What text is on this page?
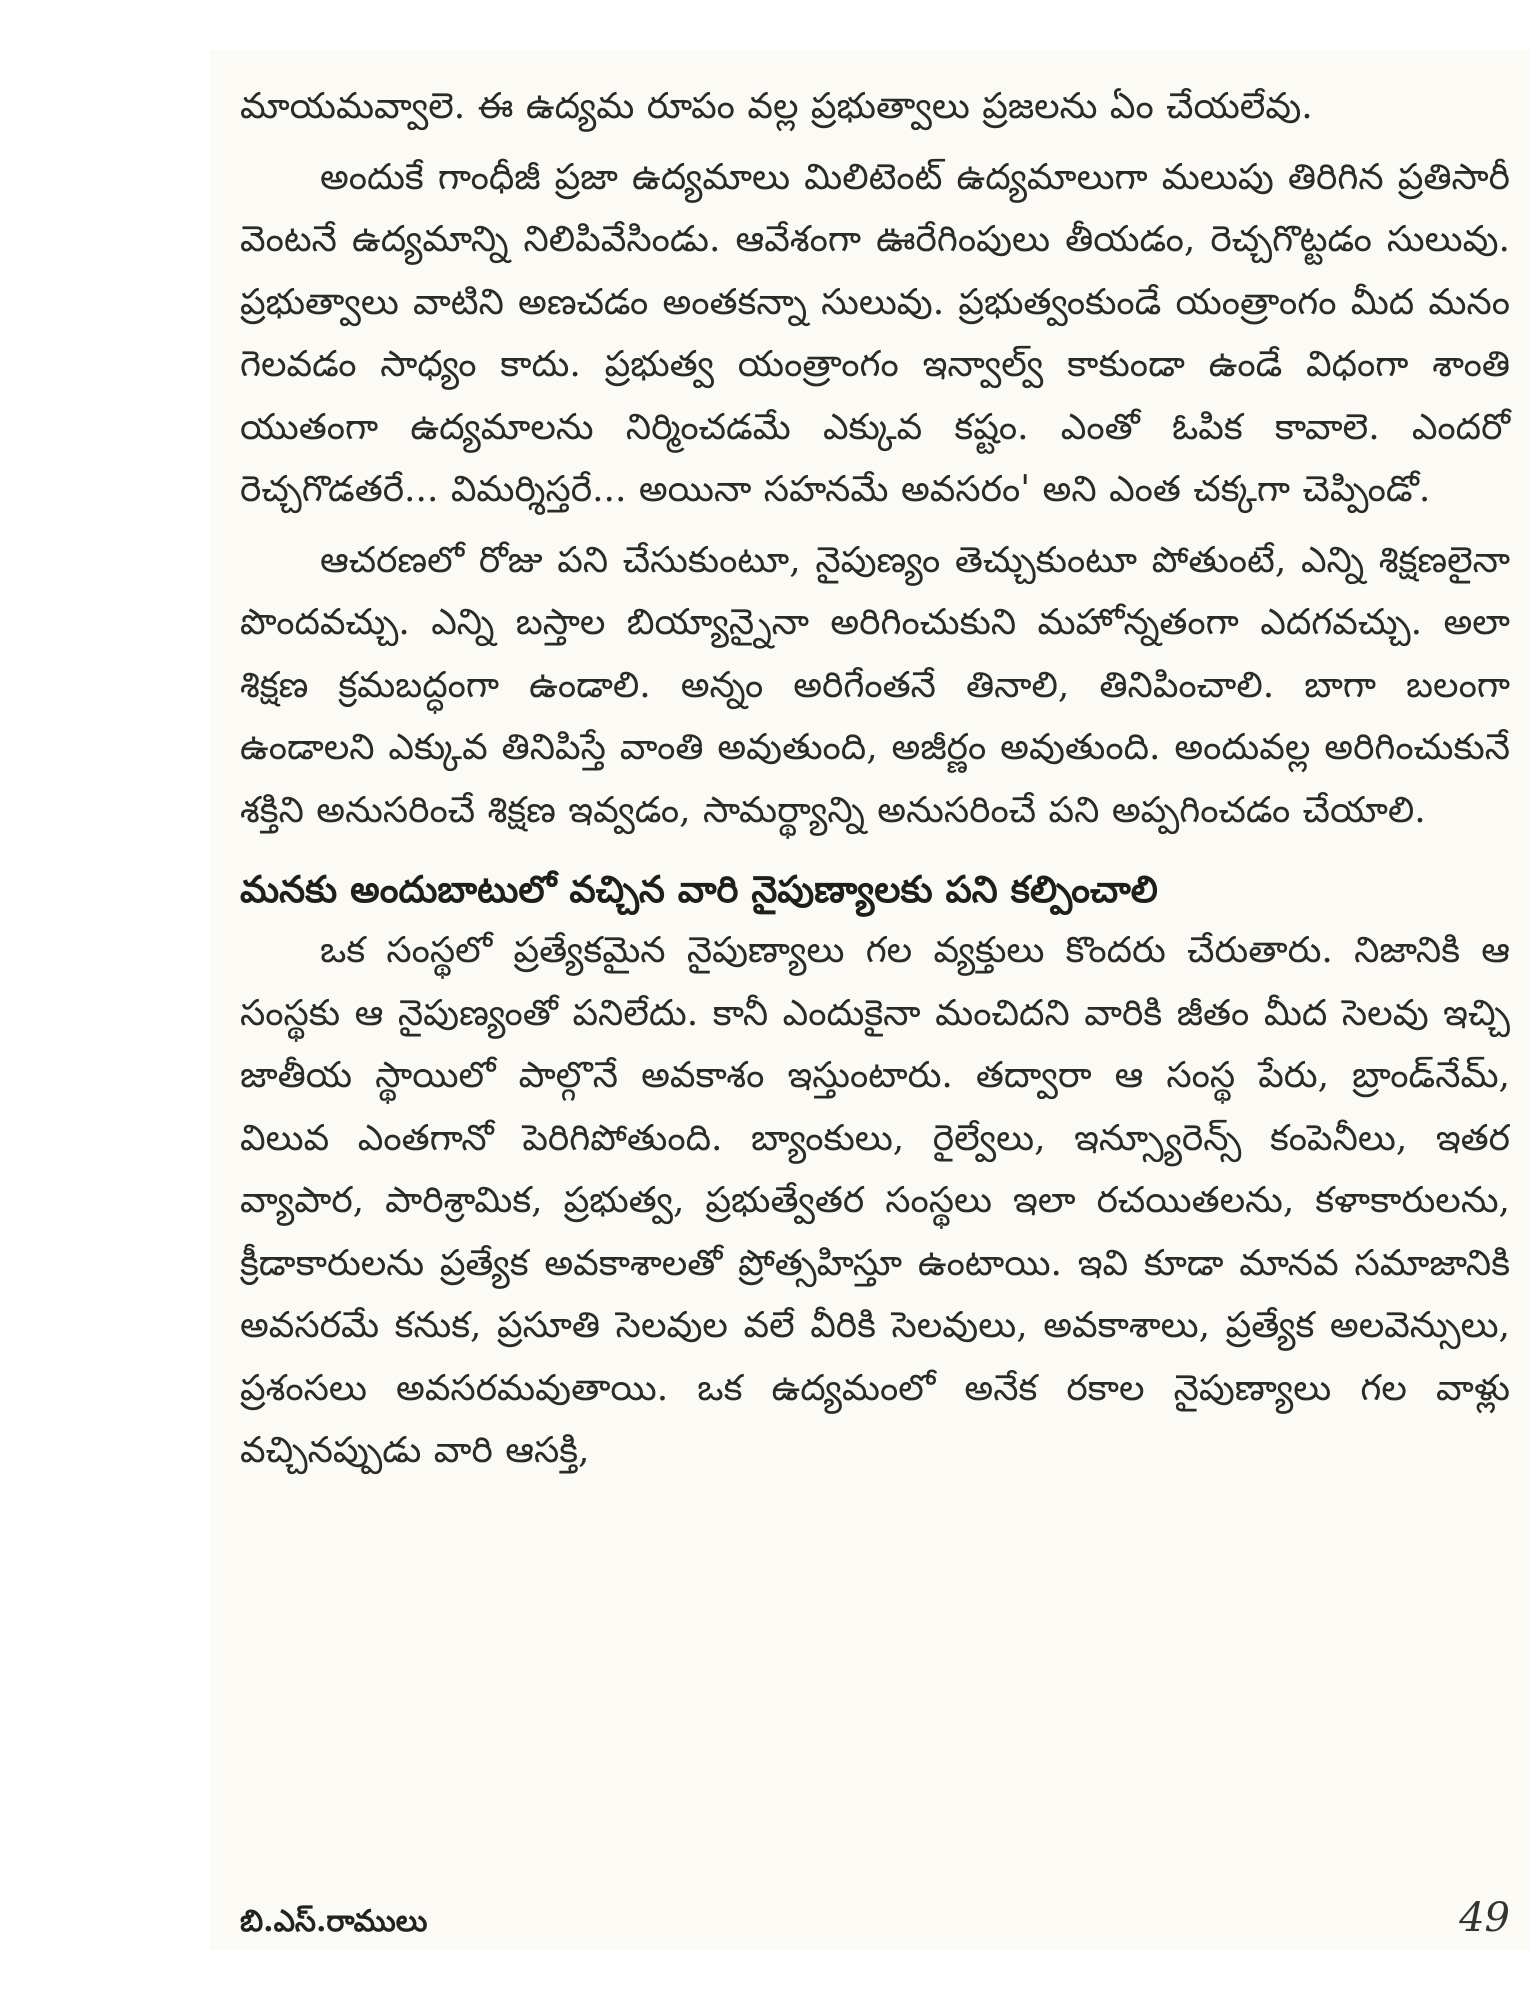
మాయమవ్వాలె. ఈ ఉద్యమ రూపం వల్ల ప్రభుత్వాలు ప్రజలను ఏం చేయలేవు.

అందుకే గాంధీజీ ప్రజా ఉద్యమాలు మిలిటెంట్ ఉద్యమాలుగా మలుపు తిరిగిన ప్రతిసారీ వెంటనే ఉద్యమాన్ని నిలిపివేసిండు. ఆవేశంగా ఊరేగింపులు తీయడం, రెచ్చగొట్టడం సులువు. ప్రభుత్వాలు వాటిని అణచడం అంతకన్నా సులువు. ప్రభుత్వంకుండే యంత్రాంగం మీద మనం గెలవడం సాధ్యం కాదు. ప్రభుత్వ యంత్రాంగం ఇన్వాల్వ్ కాకుండా ఉండే విధంగా శాంతి యుతంగా ఉద్యమాలను నిర్మించడమే ఎక్కువ కష్టం. ఎంతో ఓపిక కావాలె. ఎందరో రెచ్చగొడతరే... విమర్శిస్తరే... అయినా సహనమే అవసరం' అని ఎంత చక్కగా చెప్పిండో.

ఆచరణలో రోజు పని చేసుకుంటూ, నైపుణ్యం తెచ్చుకుంటూ పోతుంటే, ఎన్ని శిక్షణలైనా పొందవచ్చు. ఎన్ని బస్తాల బియ్యాన్నైనా అరిగించుకుని మహోన్నతంగా ఎదగవచ్చు. అలా శిక్షణ క్రమబద్ధంగా ఉండాలి. అన్నం అరిగేంతనే తినాలి, తినిపించాలి. బాగా బలంగా ఉండాలని ఎక్కువ తినిపిస్తే వాంతి అవుతుంది, అజీర్ణం అవుతుంది. అందువల్ల అరిగించుకునే శక్తిని అనుసరించే శిక్షణ ఇవ్వడం, సామర్థ్యాన్ని అనుసరించే పని అప్పగించడం చేయాలి.

మనకు అందుబాటులో వచ్చిన వారి నైపుణ్యాలకు పని కల్పించాలి

ఒక సంస్థలో ప్రత్యేకమైన నైపుణ్యాలు గల వ్యక్తులు కొందరు చేరుతారు. నిజానికి ఆ సంస్థకు ఆ నైపుణ్యంతో పనిలేదు. కానీ ఎందుకైనా మంచిదని వారికి జీతం మీద సెలవు ఇచ్చి జాతీయ స్థాయిలో పాల్గొనే అవకాశం ఇస్తుంటారు. తద్వారా ఆ సంస్థ పేరు, బ్రాండ్‌నేమ్, విలువ ఎంతగానో పెరిగిపోతుంది. బ్యాంకులు, రైల్వేలు, ఇన్స్యూరెన్స్ కంపెనీలు, ఇతర వ్యాపార, పారిశ్రామిక, ప్రభుత్వ, ప్రభుత్వేతర సంస్థలు ఇలా రచయితలను, కళాకారులను, క్రీడాకారులను ప్రత్యేక అవకాశాలతో ప్రోత్సహిస్తూ ఉంటాయి. ఇవి కూడా మానవ సమాజానికి అవసరమే కనుక, ప్రసూతి సెలవుల వలే వీరికి సెలవులు, అవకాశాలు, ప్రత్యేక అలవెన్సులు, ప్రశంసలు అవసరమవుతాయి. ఒక ఉద్యమంలో అనేక రకాల నైపుణ్యాలు గల వాళ్లు వచ్చినప్పుడు వారి ఆసక్తి,

బి.ఎస్.రాములు	49
